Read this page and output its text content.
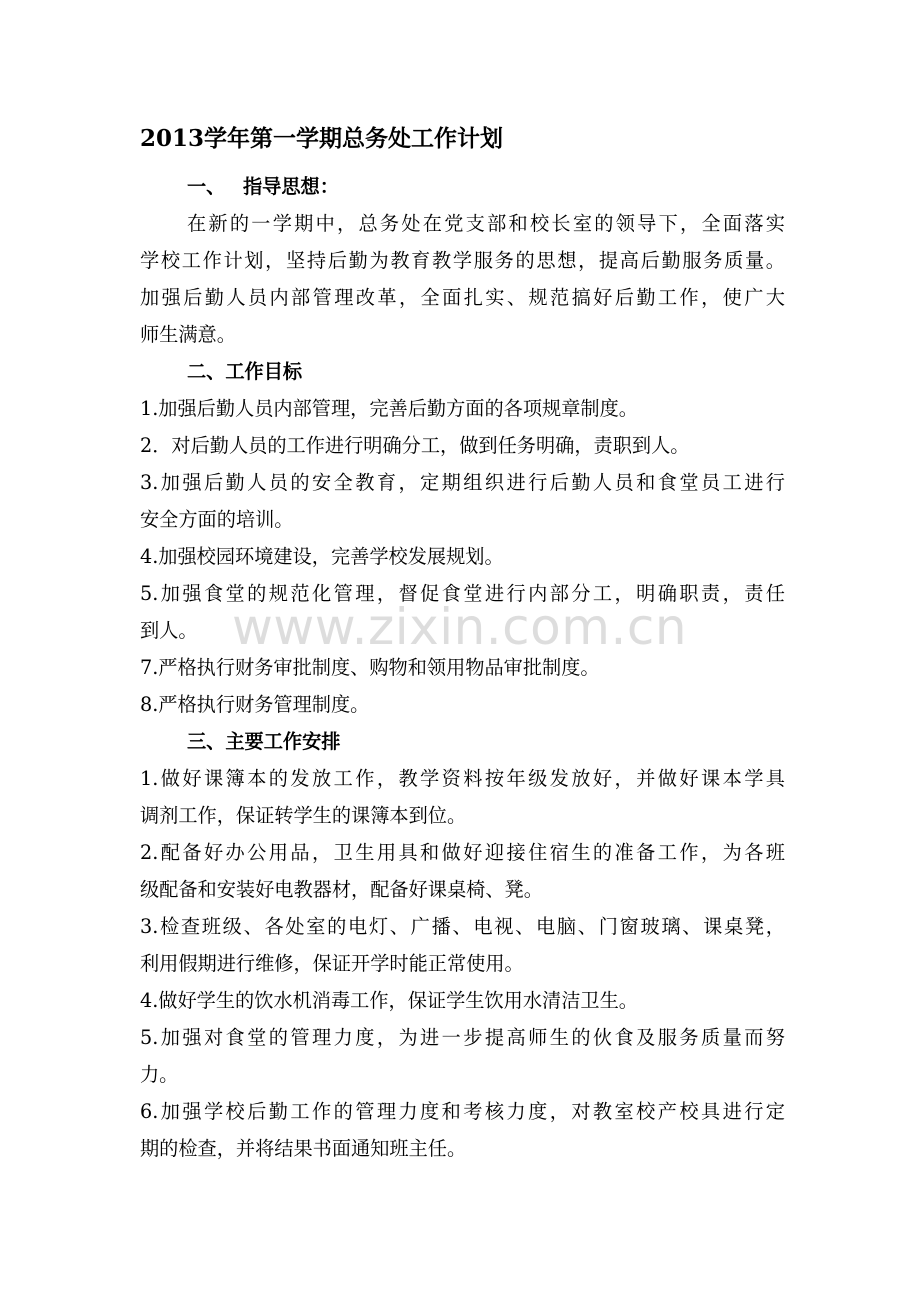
2013学年第一学期总务处工作计划
一、 指导思想：
在新的一学期中，总务处在党支部和校长室的领导下，全面落实
学校工作计划，坚持后勤为教育教学服务的思想，提高后勤服务质量。
加强后勤人员内部管理改革，全面扎实、规范搞好后勤工作，使广大
师生满意。
二、工作目标
1.加强后勤人员内部管理，完善后勤方面的各项规章制度。
2．对后勤人员的工作进行明确分工，做到任务明确，责职到人。
3.加强后勤人员的安全教育，定期组织进行后勤人员和食堂员工进行
安全方面的培训。
4.加强校园环境建设，完善学校发展规划。
5.加强食堂的规范化管理，督促食堂进行内部分工，明确职责，责任
到人。
7.严格执行财务审批制度、购物和领用物品审批制度。
8.严格执行财务管理制度。
三、主要工作安排
1.做好课簿本的发放工作，教学资料按年级发放好，并做好课本学具
调剂工作，保证转学生的课簿本到位。
2.配备好办公用品，卫生用具和做好迎接住宿生的准备工作，为各班
级配备和安装好电教器材，配备好课桌椅、凳。
3.检查班级、各处室的电灯、广播、电视、电脑、门窗玻璃、课桌凳，
利用假期进行维修，保证开学时能正常使用。
4.做好学生的饮水机消毒工作，保证学生饮用水清洁卫生。
5.加强对食堂的管理力度，为进一步提高师生的伙食及服务质量而努
力。
6.加强学校后勤工作的管理力度和考核力度，对教室校产校具进行定
期的检查，并将结果书面通知班主任。
www.zixin.com.cn
